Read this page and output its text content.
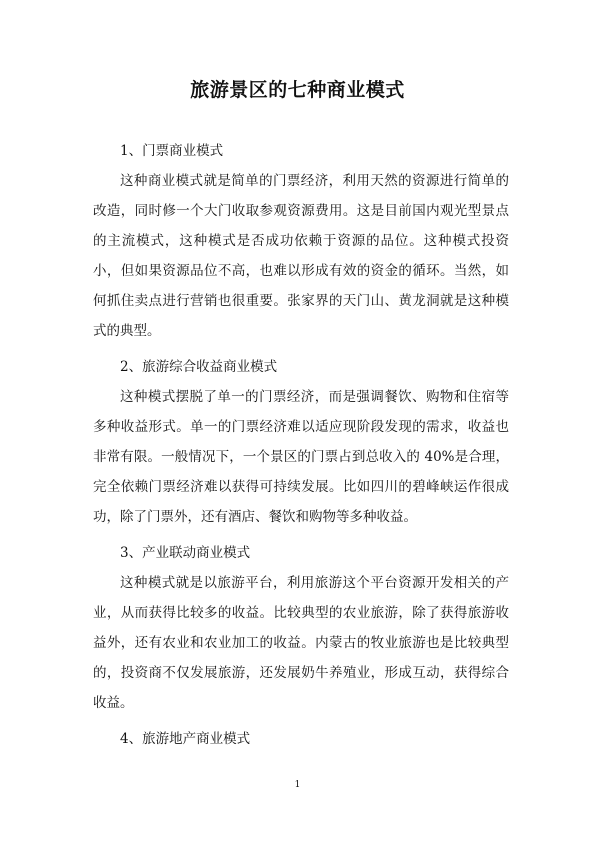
旅游景区的七种商业模式

1、门票商业模式

这种商业模式就是简单的门票经济，利用天然的资源进行简单的改造，同时修一个大门收取参观资源费用。这是目前国内观光型景点的主流模式，这种模式是否成功依赖于资源的品位。这种模式投资小，但如果资源品位不高，也难以形成有效的资金的循环。当然，如何抓住卖点进行营销也很重要。张家界的天门山、黄龙洞就是这种模式的典型。

2、旅游综合收益商业模式

这种模式摆脱了单一的门票经济，而是强调餐饮、购物和住宿等多种收益形式。单一的门票经济难以适应现阶段发现的需求，收益也非常有限。一般情况下，一个景区的门票占到总收入的 40%是合理，完全依赖门票经济难以获得可持续发展。比如四川的碧峰峡运作很成功，除了门票外，还有酒店、餐饮和购物等多种收益。

3、产业联动商业模式

这种模式就是以旅游平台，利用旅游这个平台资源开发相关的产业，从而获得比较多的收益。比较典型的农业旅游，除了获得旅游收益外，还有农业和农业加工的收益。内蒙古的牧业旅游也是比较典型的，投资商不仅发展旅游，还发展奶牛养殖业，形成互动，获得综合收益。

4、旅游地产商业模式

1
